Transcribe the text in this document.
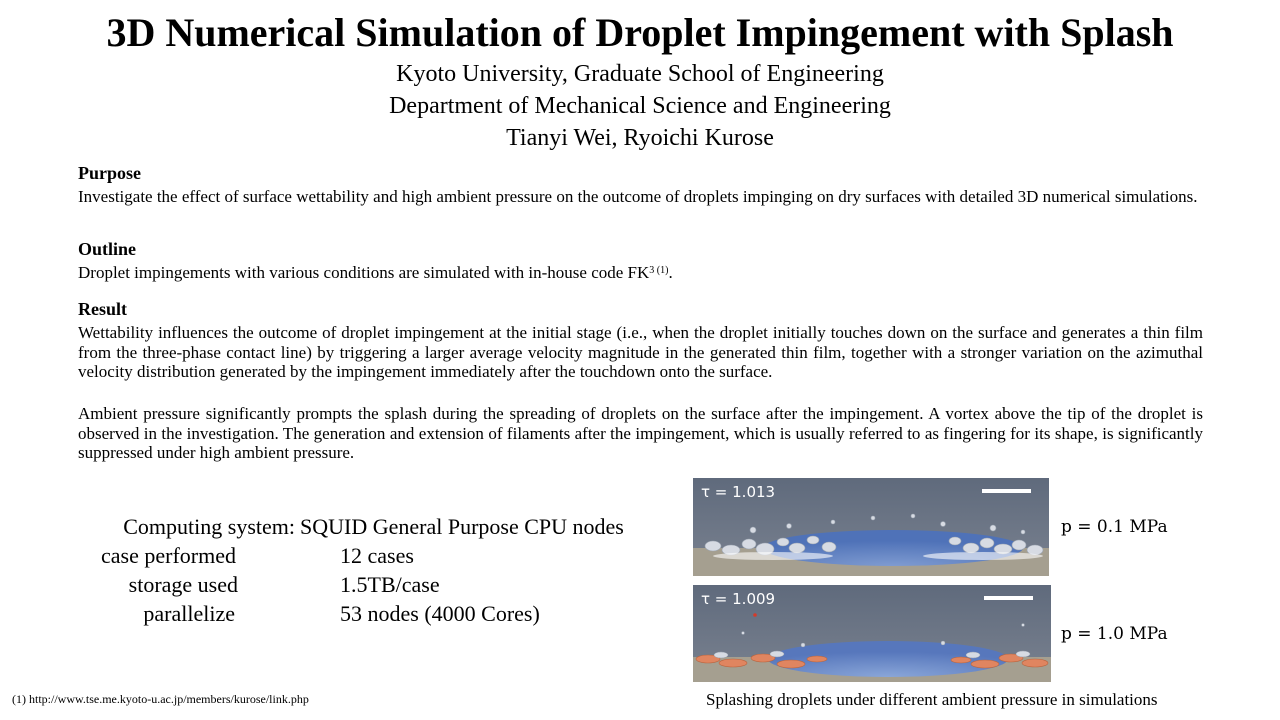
3D Numerical Simulation of Droplet Impingement with Splash
Kyoto University, Graduate School of Engineering
Department of Mechanical Science and Engineering
Tianyi Wei, Ryoichi Kurose
Purpose
Investigate the effect of surface wettability and high ambient pressure on the outcome of droplets impinging on dry surfaces with detailed 3D numerical simulations.
Outline
Droplet impingements with various conditions are simulated with in-house code $FK^{3 (1)}$.
Result
Wettability influences the outcome of droplet impingement at the initial stage (i.e., when the droplet initially touches down on the surface and generates a thin film from the three-phase contact line) by triggering a larger average velocity magnitude in the generated thin film, together with a stronger variation on the azimuthal velocity distribution generated by the impingement immediately after the touchdown onto the surface.
Ambient pressure significantly prompts the splash during the spreading of droplets on the surface after the impingement. A vortex above the tip of the droplet is observed in the investigation. The generation and extension of filaments after the impingement, which is usually referred to as fingering for its shape, is significantly suppressed under high ambient pressure.
Computing system: SQUID General Purpose CPU nodes
case performed	12 cases
storage used	1.5TB/case
parallelize	53 nodes (4000 Cores)
τ = 1.013
p = 0.1 MPa
τ = 1.009
p = 1.0 MPa
Splashing droplets under different ambient pressure in simulations
(1) http://www.tse.me.kyoto-u.ac.jp/members/kurose/link.php
